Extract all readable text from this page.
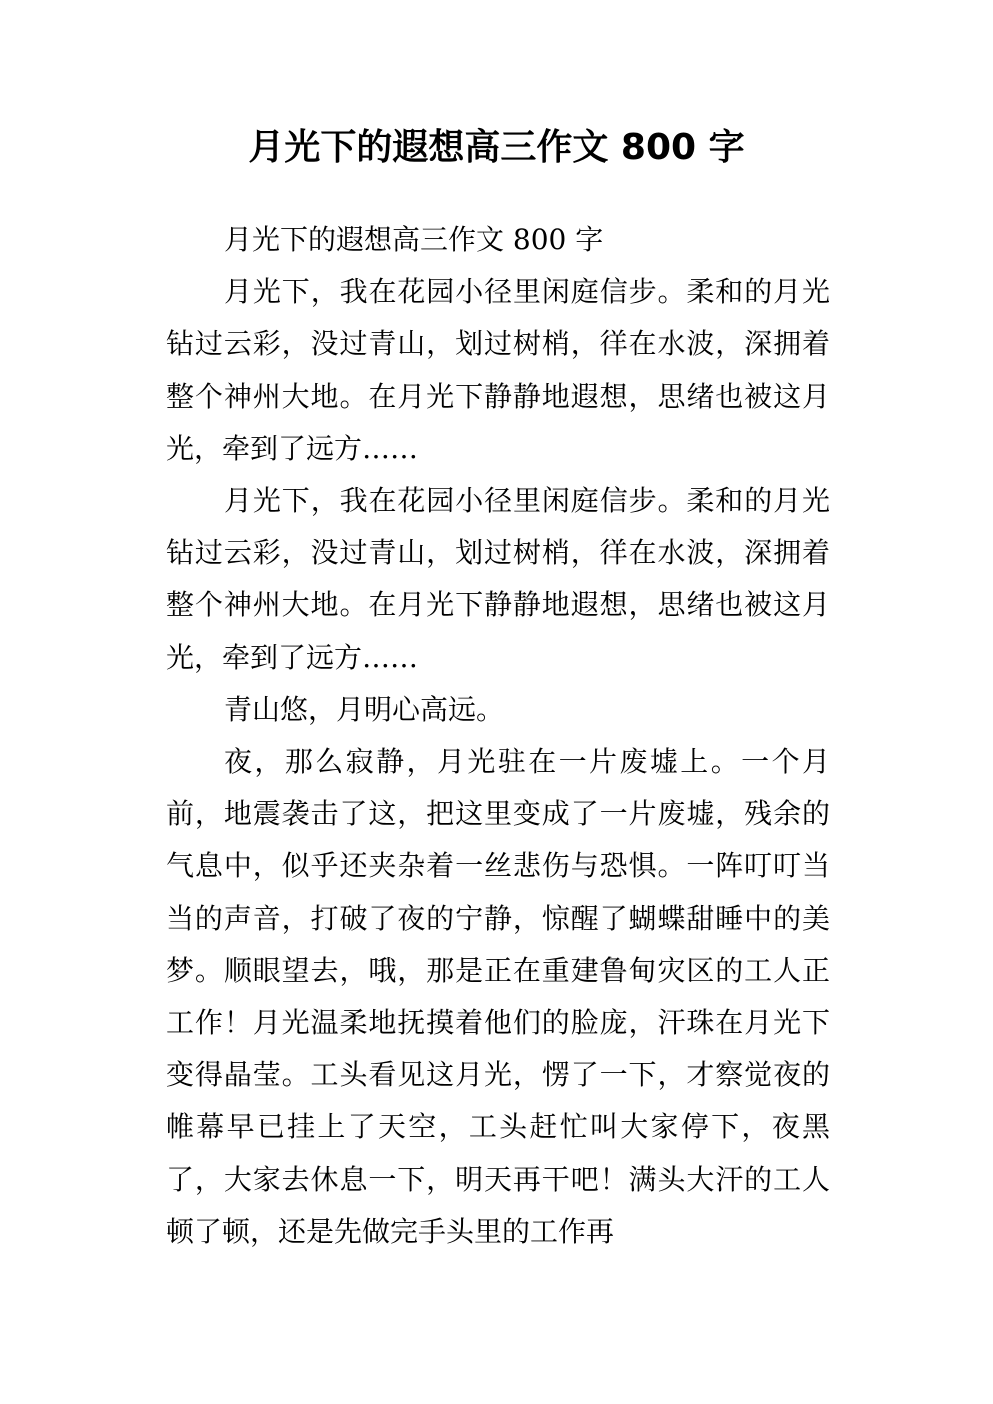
月光下的遐想高三作文 800 字

月光下的遐想高三作文 800 字

月光下，我在花园小径里闲庭信步。柔和的月光钻过云彩，没过青山，划过树梢，徉在水波，深拥着整个神州大地。在月光下静静地遐想，思绪也被这月光，牵到了远方……

月光下，我在花园小径里闲庭信步。柔和的月光钻过云彩，没过青山，划过树梢，徉在水波，深拥着整个神州大地。在月光下静静地遐想，思绪也被这月光，牵到了远方……

青山悠，月明心高远。

夜，那么寂静，月光驻在一片废墟上。一个月前，地震袭击了这，把这里变成了一片废墟，残余的气息中，似乎还夹杂着一丝悲伤与恐惧。一阵叮叮当当的声音，打破了夜的宁静，惊醒了蝴蝶甜睡中的美梦。顺眼望去，哦，那是正在重建鲁甸灾区的工人正工作！月光温柔地抚摸着他们的脸庞，汗珠在月光下变得晶莹。工头看见这月光，愣了一下，才察觉夜的帷幕早已挂上了天空，工头赶忙叫大家停下，夜黑了，大家去休息一下，明天再干吧！满头大汗的工人顿了顿，还是先做完手头里的工作再
